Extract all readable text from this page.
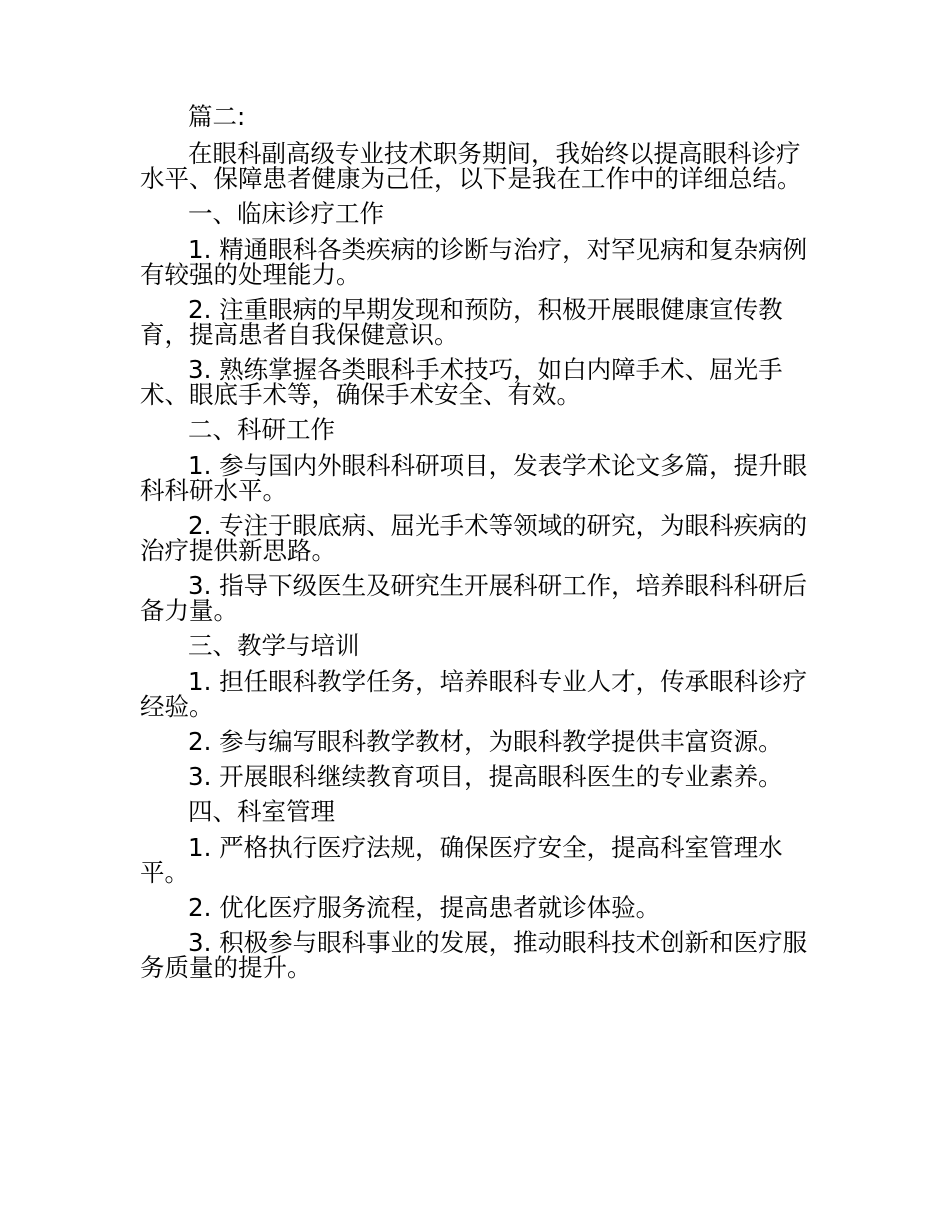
篇二:

在眼科副高级专业技术职务期间，我始终以提高眼科诊疗水平、保障患者健康为己任，以下是我在工作中的详细总结。

一、临床诊疗工作

1. 精通眼科各类疾病的诊断与治疗，对罕见病和复杂病例有较强的处理能力。

2. 注重眼病的早期发现和预防，积极开展眼健康宣传教育，提高患者自我保健意识。

3. 熟练掌握各类眼科手术技巧，如白内障手术、屈光手术、眼底手术等，确保手术安全、有效。

二、科研工作

1. 参与国内外眼科科研项目，发表学术论文多篇，提升眼科科研水平。

2. 专注于眼底病、屈光手术等领域的研究，为眼科疾病的治疗提供新思路。

3. 指导下级医生及研究生开展科研工作，培养眼科科研后备力量。

三、教学与培训

1. 担任眼科教学任务，培养眼科专业人才，传承眼科诊疗经验。

2. 参与编写眼科教学教材，为眼科教学提供丰富资源。

3. 开展眼科继续教育项目，提高眼科医生的专业素养。

四、科室管理

1. 严格执行医疗法规，确保医疗安全，提高科室管理水平。

2. 优化医疗服务流程，提高患者就诊体验。

3. 积极参与眼科事业的发展，推动眼科技术创新和医疗服务质量的提升。
